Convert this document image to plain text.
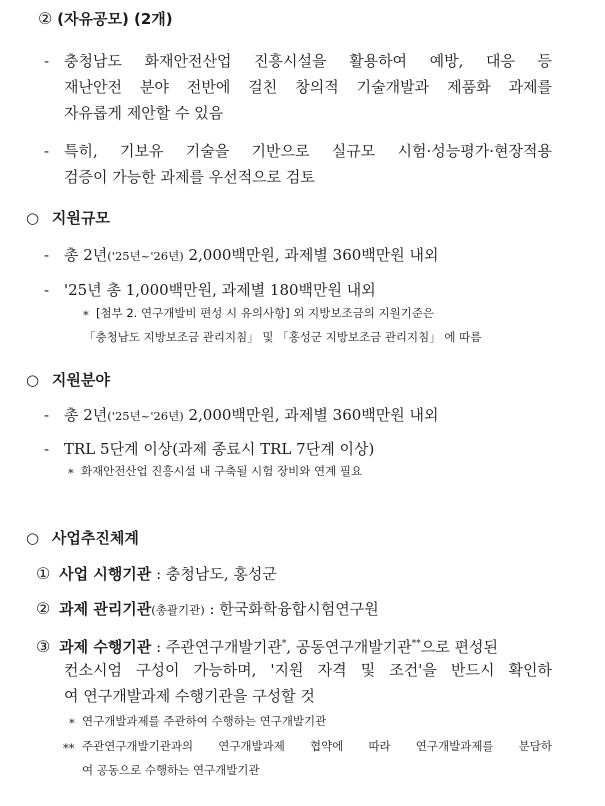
② (자유공모) (2개)
- 충청남도 화재안전산업 진흥시설을 활용하여 예방, 대응 등
재난안전 분야 전반에 걸친 창의적 기술개발과 제품화 과제를
자유롭게 제안할 수 있음
- 특히, 기보유 기술을 기반으로 실규모 시험·성능평가·현장적용
검증이 가능한 과제를 우선적으로 검토
○ 지원규모
- 총 2년('25년~'26년) 2,000백만원, 과제별 360백만원 내외
- '25년 총 1,000백만원, 과제별 180백만원 내외
* [첨부 2. 연구개발비 편성 시 유의사항] 외 지방보조금의 지원기준은
「충청남도 지방보조금 관리지침」 및 「홍성군 지방보조금 관리지침」 에 따름
○ 지원분야
- 총 2년('25년~'26년) 2,000백만원, 과제별 360백만원 내외
- TRL 5단계 이상(과제 종료시 TRL 7단계 이상)
* 화재안전산업 진흥시설 내 구축될 시험 장비와 연계 필요
○ 사업추진체계
① 사업 시행기관 : 충청남도, 홍성군
② 과제 관리기관(총괄기관) : 한국화학융합시험연구원
③ 과제 수행기관 : 주관연구개발기관*, 공동연구개발기관**으로 편성된
컨소시엄 구성이 가능하며, '지원 자격 및 조건'을 반드시 확인하
여 연구개발과제 수행기관을 구성할 것
* 연구개발과제를 주관하여 수행하는 연구개발기관
** 주관연구개발기관과의 연구개발과제 협약에 따라 연구개발과제를 분담하
여 공동으로 수행하는 연구개발기관
